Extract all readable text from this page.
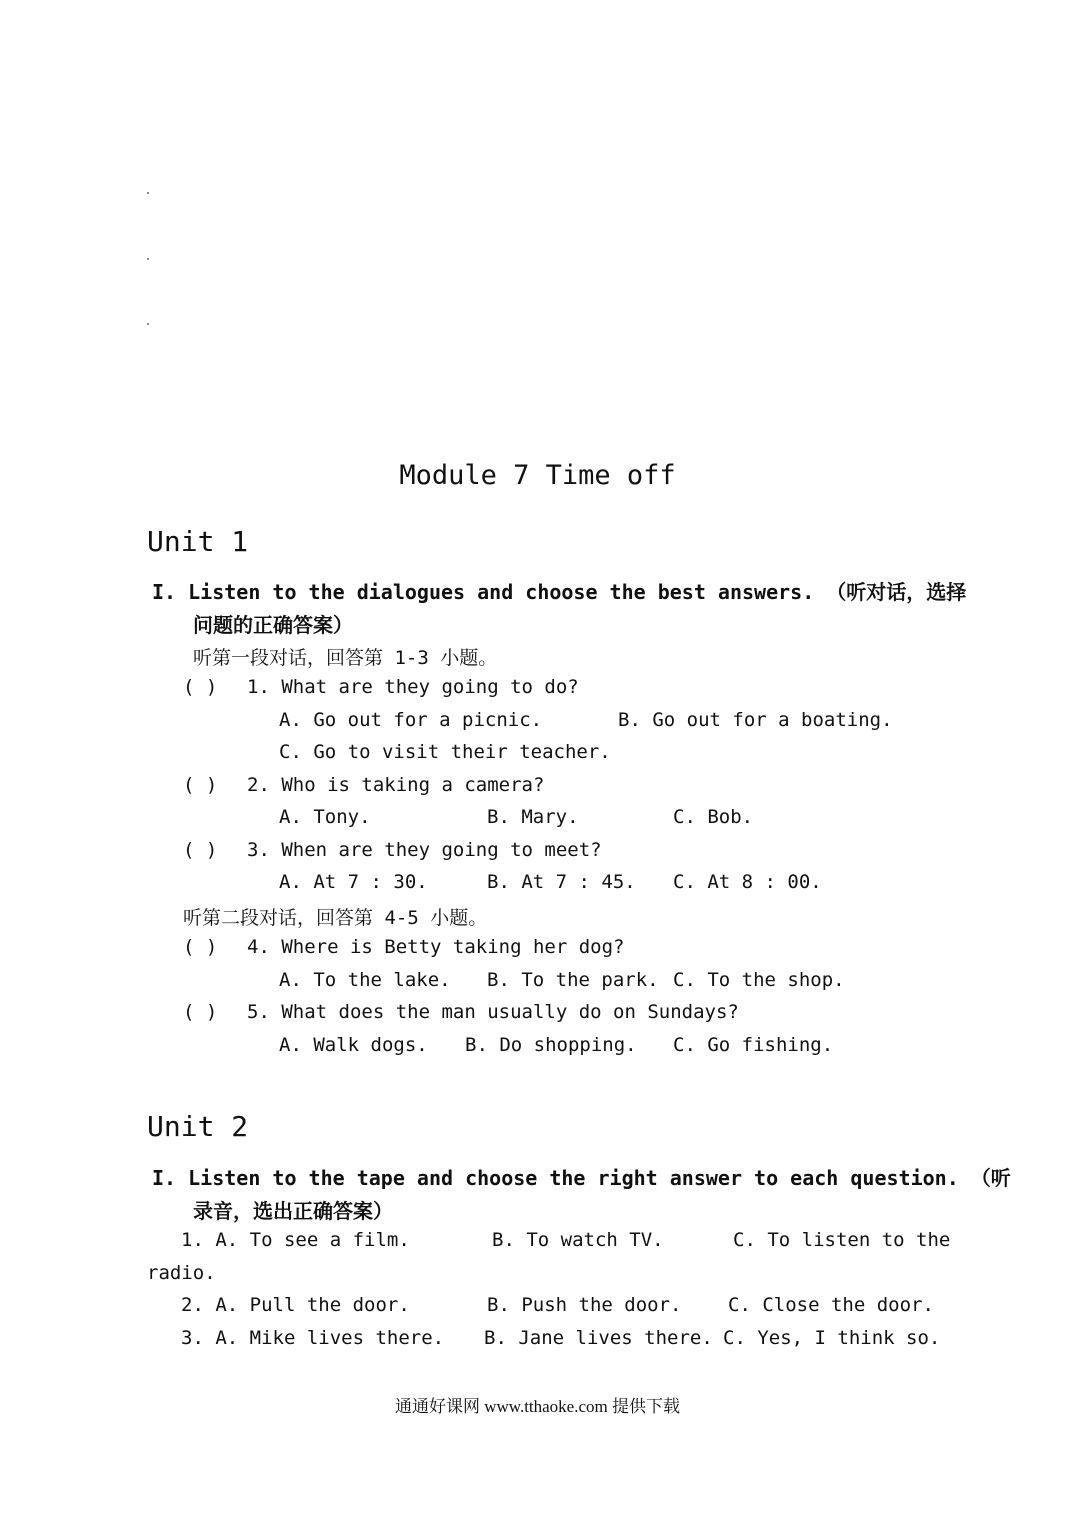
Module 7 Time off
Unit 1
I. Listen to the dialogues and choose the best answers. （听对话，选择
问题的正确答案）
听第一段对话，回答第 1-3 小题。
( ) 1. What are they going to do?
A. Go out for a picnic.	B. Go out for a boating.
C. Go to visit their teacher.
( ) 2. Who is taking a camera?
A. Tony.	B. Mary.	C. Bob.
( ) 3. When are they going to meet?
A. At 7 : 30.	B. At 7 : 45. C. At 8 : 00.
听第二段对话，回答第 4-5 小题。
( ) 4. Where is Betty taking her dog?
A. To the lake. B. To the park. C. To the shop.
( ) 5. What does the man usually do on Sundays?
A. Walk dogs. B. Do shopping. C. Go fishing.
Unit 2
I. Listen to the tape and choose the right answer to each question. （听
录音，选出正确答案）
1. A. To see a film.	B. To watch TV.	C. To listen to the
radio.
2. A. Pull the door.	B. Push the door. C. Close the door.
3. A. Mike lives there. B. Jane lives there. C. Yes, I think so.
通通好课网 www.tthaoke.com 提供下载
